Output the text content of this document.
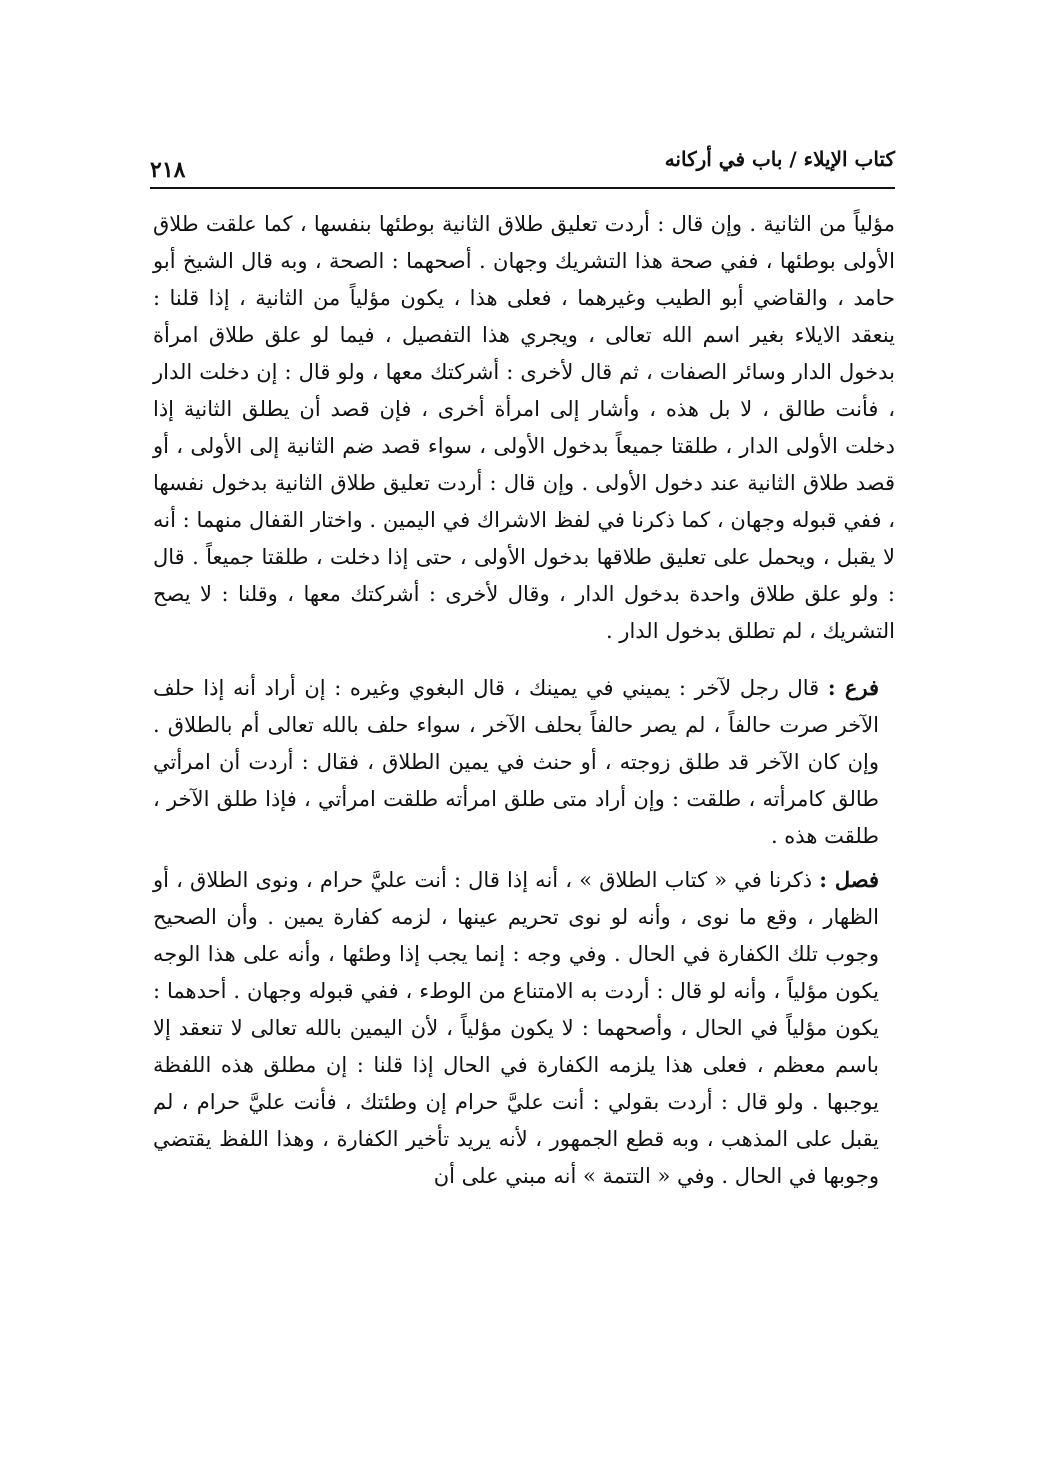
كتاب الإيلاء / باب في أركانه
٢١٨

مؤلياً من الثانية . وإن قال : أردت تعليق طلاق الثانية بوطئها بنفسها ، كما علقت طلاق الأولى بوطئها ، ففي صحة هذا التشريك وجهان . أصحهما : الصحة ، وبه قال الشيخ أبو حامد ، والقاضي أبو الطيب وغيرهما ، فعلى هذا ، يكون مؤلياً من الثانية ، إذا قلنا : ينعقد الايلاء بغير اسم الله تعالى ، ويجري هذا التفصيل ، فيما لو علق طلاق امرأة بدخول الدار وسائر الصفات ، ثم قال لأخرى : أشركتك معها ، ولو قال : إن دخلت الدار ، فأنت طالق ، لا بل هذه ، وأشار إلى امرأة أخرى ، فإن قصد أن يطلق الثانية إذا دخلت الأولى الدار ، طلقتا جميعاً بدخول الأولى ، سواء قصد ضم الثانية إلى الأولى ، أو قصد طلاق الثانية عند دخول الأولى . وإن قال : أردت تعليق طلاق الثانية بدخول نفسها ، ففي قبوله وجهان ، كما ذكرنا في لفظ الاشراك في اليمين . واختار القفال منهما : أنه لا يقبل ، ويحمل على تعليق طلاقها بدخول الأولى ، حتى إذا دخلت ، طلقتا جميعاً . قال : ولو علق طلاق واحدة بدخول الدار ، وقال لأخرى : أشركتك معها ، وقلنا : لا يصح التشريك ، لم تطلق بدخول الدار .

فرع : قال رجل لآخر : يميني في يمينك ، قال البغوي وغيره : إن أراد أنه إذا حلف الآخر صرت حالفاً ، لم يصر حالفاً بحلف الآخر ، سواء حلف بالله تعالى أم بالطلاق . وإن كان الآخر قد طلق زوجته ، أو حنث في يمين الطلاق ، فقال : أردت أن امرأتي طالق كامرأته ، طلقت : وإن أراد متى طلق امرأته طلقت امرأتي ، فإذا طلق الآخر ، طلقت هذه .

فصل : ذكرنا في « كتاب الطلاق » ، أنه إذا قال : أنت عليَّ حرام ، ونوى الطلاق ، أو الظهار ، وقع ما نوى ، وأنه لو نوى تحريم عينها ، لزمه كفارة يمين . وأن الصحيح وجوب تلك الكفارة في الحال . وفي وجه : إنما يجب إذا وطئها ، وأنه على هذا الوجه يكون مؤلياً ، وأنه لو قال : أردت به الامتناع من الوطء ، ففي قبوله وجهان . أحدهما : يكون مؤلياً في الحال ، وأصحهما : لا يكون مؤلياً ، لأن اليمين بالله تعالى لا تنعقد إلا باسم معظم ، فعلى هذا يلزمه الكفارة في الحال إذا قلنا : إن مطلق هذه اللفظة يوجبها . ولو قال : أردت بقولي : أنت عليَّ حرام إن وطئتك ، فأنت عليَّ حرام ، لم يقبل على المذهب ، وبه قطع الجمهور ، لأنه يريد تأخير الكفارة ، وهذا اللفظ يقتضي وجوبها في الحال . وفي « التتمة » أنه مبني على أن
